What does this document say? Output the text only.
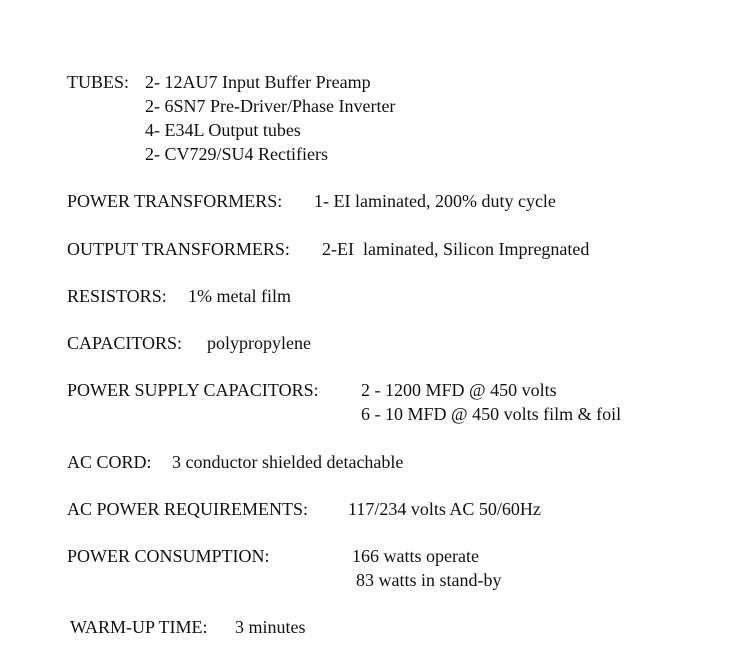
TUBES: 2- 12AU7 Input Buffer Preamp
2- 6SN7 Pre-Driver/Phase Inverter
4- E34L Output tubes
2- CV729/SU4 Rectifiers
POWER TRANSFORMERS: 1- EI laminated, 200% duty cycle
OUTPUT TRANSFORMERS: 2-EI  laminated, Silicon Impregnated
RESISTORS: 1% metal film
CAPACITORS: polypropylene
POWER SUPPLY CAPACITORS: 2 - 1200 MFD @ 450 volts
6 - 10 MFD @ 450 volts film & foil
AC CORD: 3 conductor shielded detachable
AC POWER REQUIREMENTS: 117/234 volts AC 50/60Hz
POWER CONSUMPTION:	166 watts operate
83 watts in stand-by
WARM-UP TIME: 3 minutes
